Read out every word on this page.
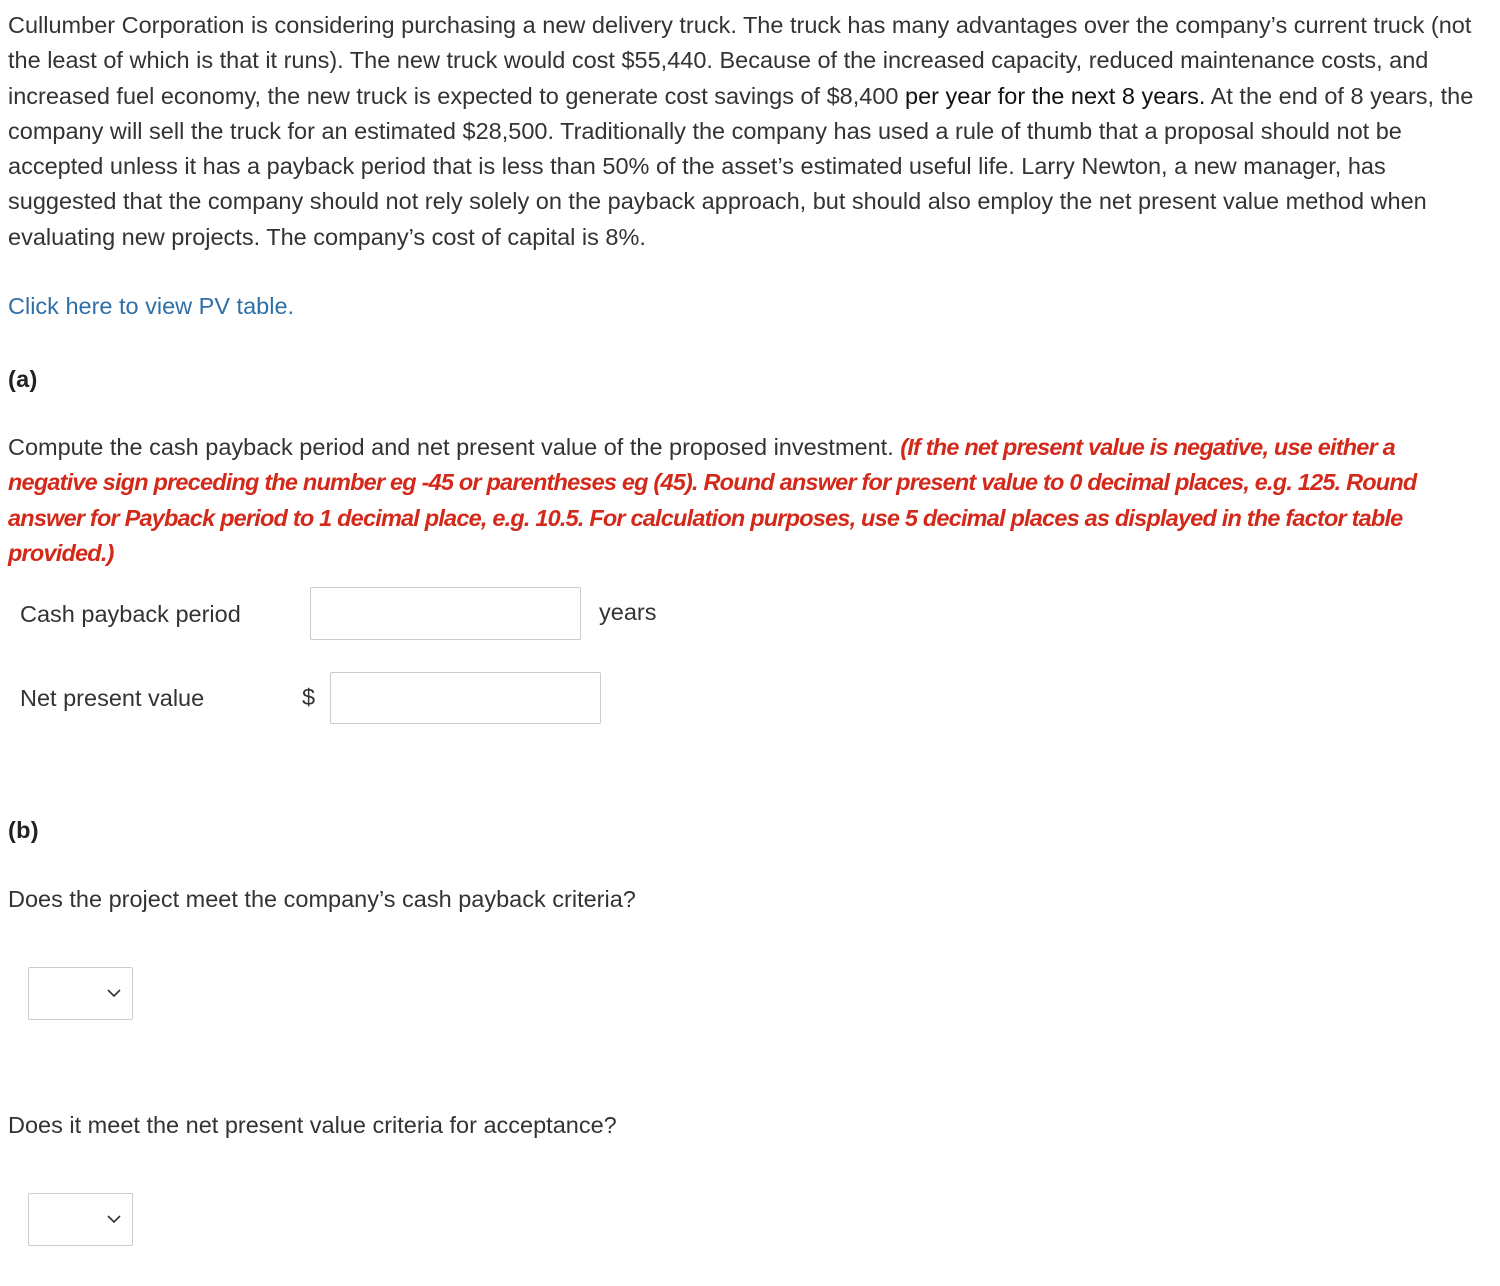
Cullumber Corporation is considering purchasing a new delivery truck. The truck has many advantages over the company’s current truck (not the least of which is that it runs). The new truck would cost $55,440. Because of the increased capacity, reduced maintenance costs, and increased fuel economy, the new truck is expected to generate cost savings of $8,400 per year for the next 8 years. At the end of 8 years, the company will sell the truck for an estimated $28,500. Traditionally the company has used a rule of thumb that a proposal should not be accepted unless it has a payback period that is less than 50% of the asset’s estimated useful life. Larry Newton, a new manager, has suggested that the company should not rely solely on the payback approach, but should also employ the net present value method when evaluating new projects. The company’s cost of capital is 8%.

Click here to view PV table.
(a)

Compute the cash payback period and net present value of the proposed investment. (If the net present value is negative, use either a negative sign preceding the number eg -45 or parentheses eg (45). Round answer for present value to 0 decimal places, e.g. 125. Round answer for Payback period to 1 decimal place, e.g. 10.5. For calculation purposes, use 5 decimal places as displayed in the factor table provided.)

Cash payback period	years
Net present value	$
(b)
Does the project meet the company’s cash payback criteria?
Does it meet the net present value criteria for acceptance?
